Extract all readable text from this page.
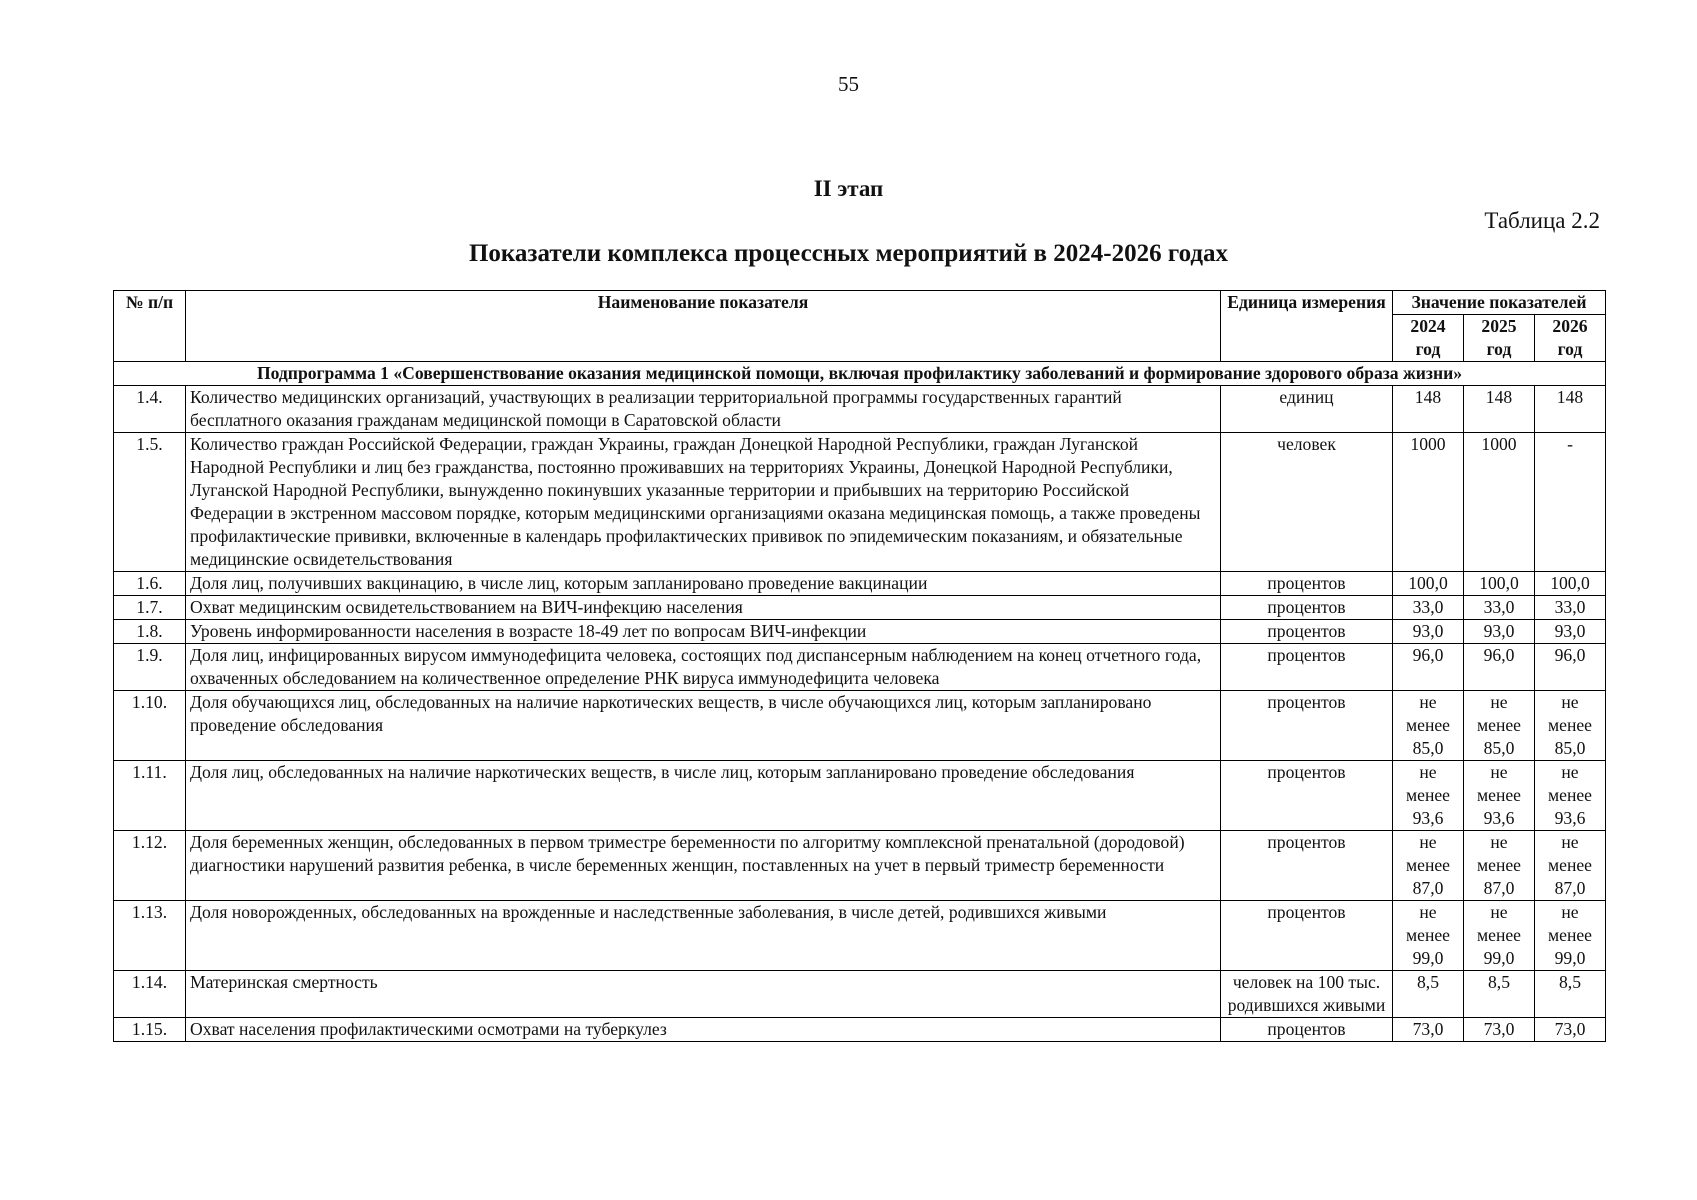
55
II этап
Таблица 2.2
Показатели комплекса процессных мероприятий в 2024-2026 годах
№ п/п	Наименование показателя	Единица измерения	Значение показателей		
			2024 год	2025 год	2026 год
Подпрограмма 1 «Совершенствование оказания медицинской помощи, включая профилактику заболеваний и формирование здорового образа жизни»					
1.4.	Количество медицинских организаций, участвующих в реализации территориальной программы государственных гарантий бесплатного оказания гражданам медицинской помощи в Саратовской области	единиц	148	148	148
1.5.	Количество граждан Российской Федерации, граждан Украины, граждан Донецкой Народной Республики, граждан Луганской Народной Республики и лиц без гражданства, постоянно проживавших на территориях Украины, Донецкой Народной Республики, Луганской Народной Республики, вынужденно покинувших указанные территории и прибывших на территорию Российской Федерации в экстренном массовом порядке, которым медицинскими организациями оказана медицинская помощь, а также проведены профилактические прививки, включенные в календарь профилактических прививок по эпидемическим показаниям, и обязательные медицинские освидетельствования	человек	1000	1000	-
1.6.	Доля лиц, получивших вакцинацию, в числе лиц, которым запланировано проведение вакцинации	процентов	100,0	100,0	100,0
1.7.	Охват медицинским освидетельствованием на ВИЧ-инфекцию населения	процентов	33,0	33,0	33,0
1.8.	Уровень информированности населения в возрасте 18-49 лет по вопросам ВИЧ-инфекции	процентов	93,0	93,0	93,0
1.9.	Доля лиц, инфицированных вирусом иммунодефицита человека, состоящих под диспансерным наблюдением на конец отчетного года, охваченных обследованием на количественное определение РНК вируса иммунодефицита человека	процентов	96,0	96,0	96,0
1.10.	Доля обучающихся лиц, обследованных на наличие наркотических веществ, в числе обучающихся лиц, которым запланировано проведение обследования	процентов	не менее 85,0	не менее 85,0	не менее 85,0
1.11.	Доля лиц, обследованных на наличие наркотических веществ, в числе лиц, которым запланировано проведение обследования	процентов	не менее 93,6	не менее 93,6	не менее 93,6
1.12.	Доля беременных женщин, обследованных в первом триместре беременности по алгоритму комплексной пренатальной (дородовой) диагностики нарушений развития ребенка, в числе беременных женщин, поставленных на учет в первый триместр беременности	процентов	не менее 87,0	не менее 87,0	не менее 87,0
1.13.	Доля новорожденных, обследованных на врожденные и наследственные заболевания, в числе детей, родившихся живыми	процентов	не менее 99,0	не менее 99,0	не менее 99,0
1.14.	Материнская смертность	человек на 100 тыс. родившихся живыми	8,5	8,5	8,5
1.15.	Охват населения профилактическими осмотрами на туберкулез	процентов	73,0	73,0	73,0
